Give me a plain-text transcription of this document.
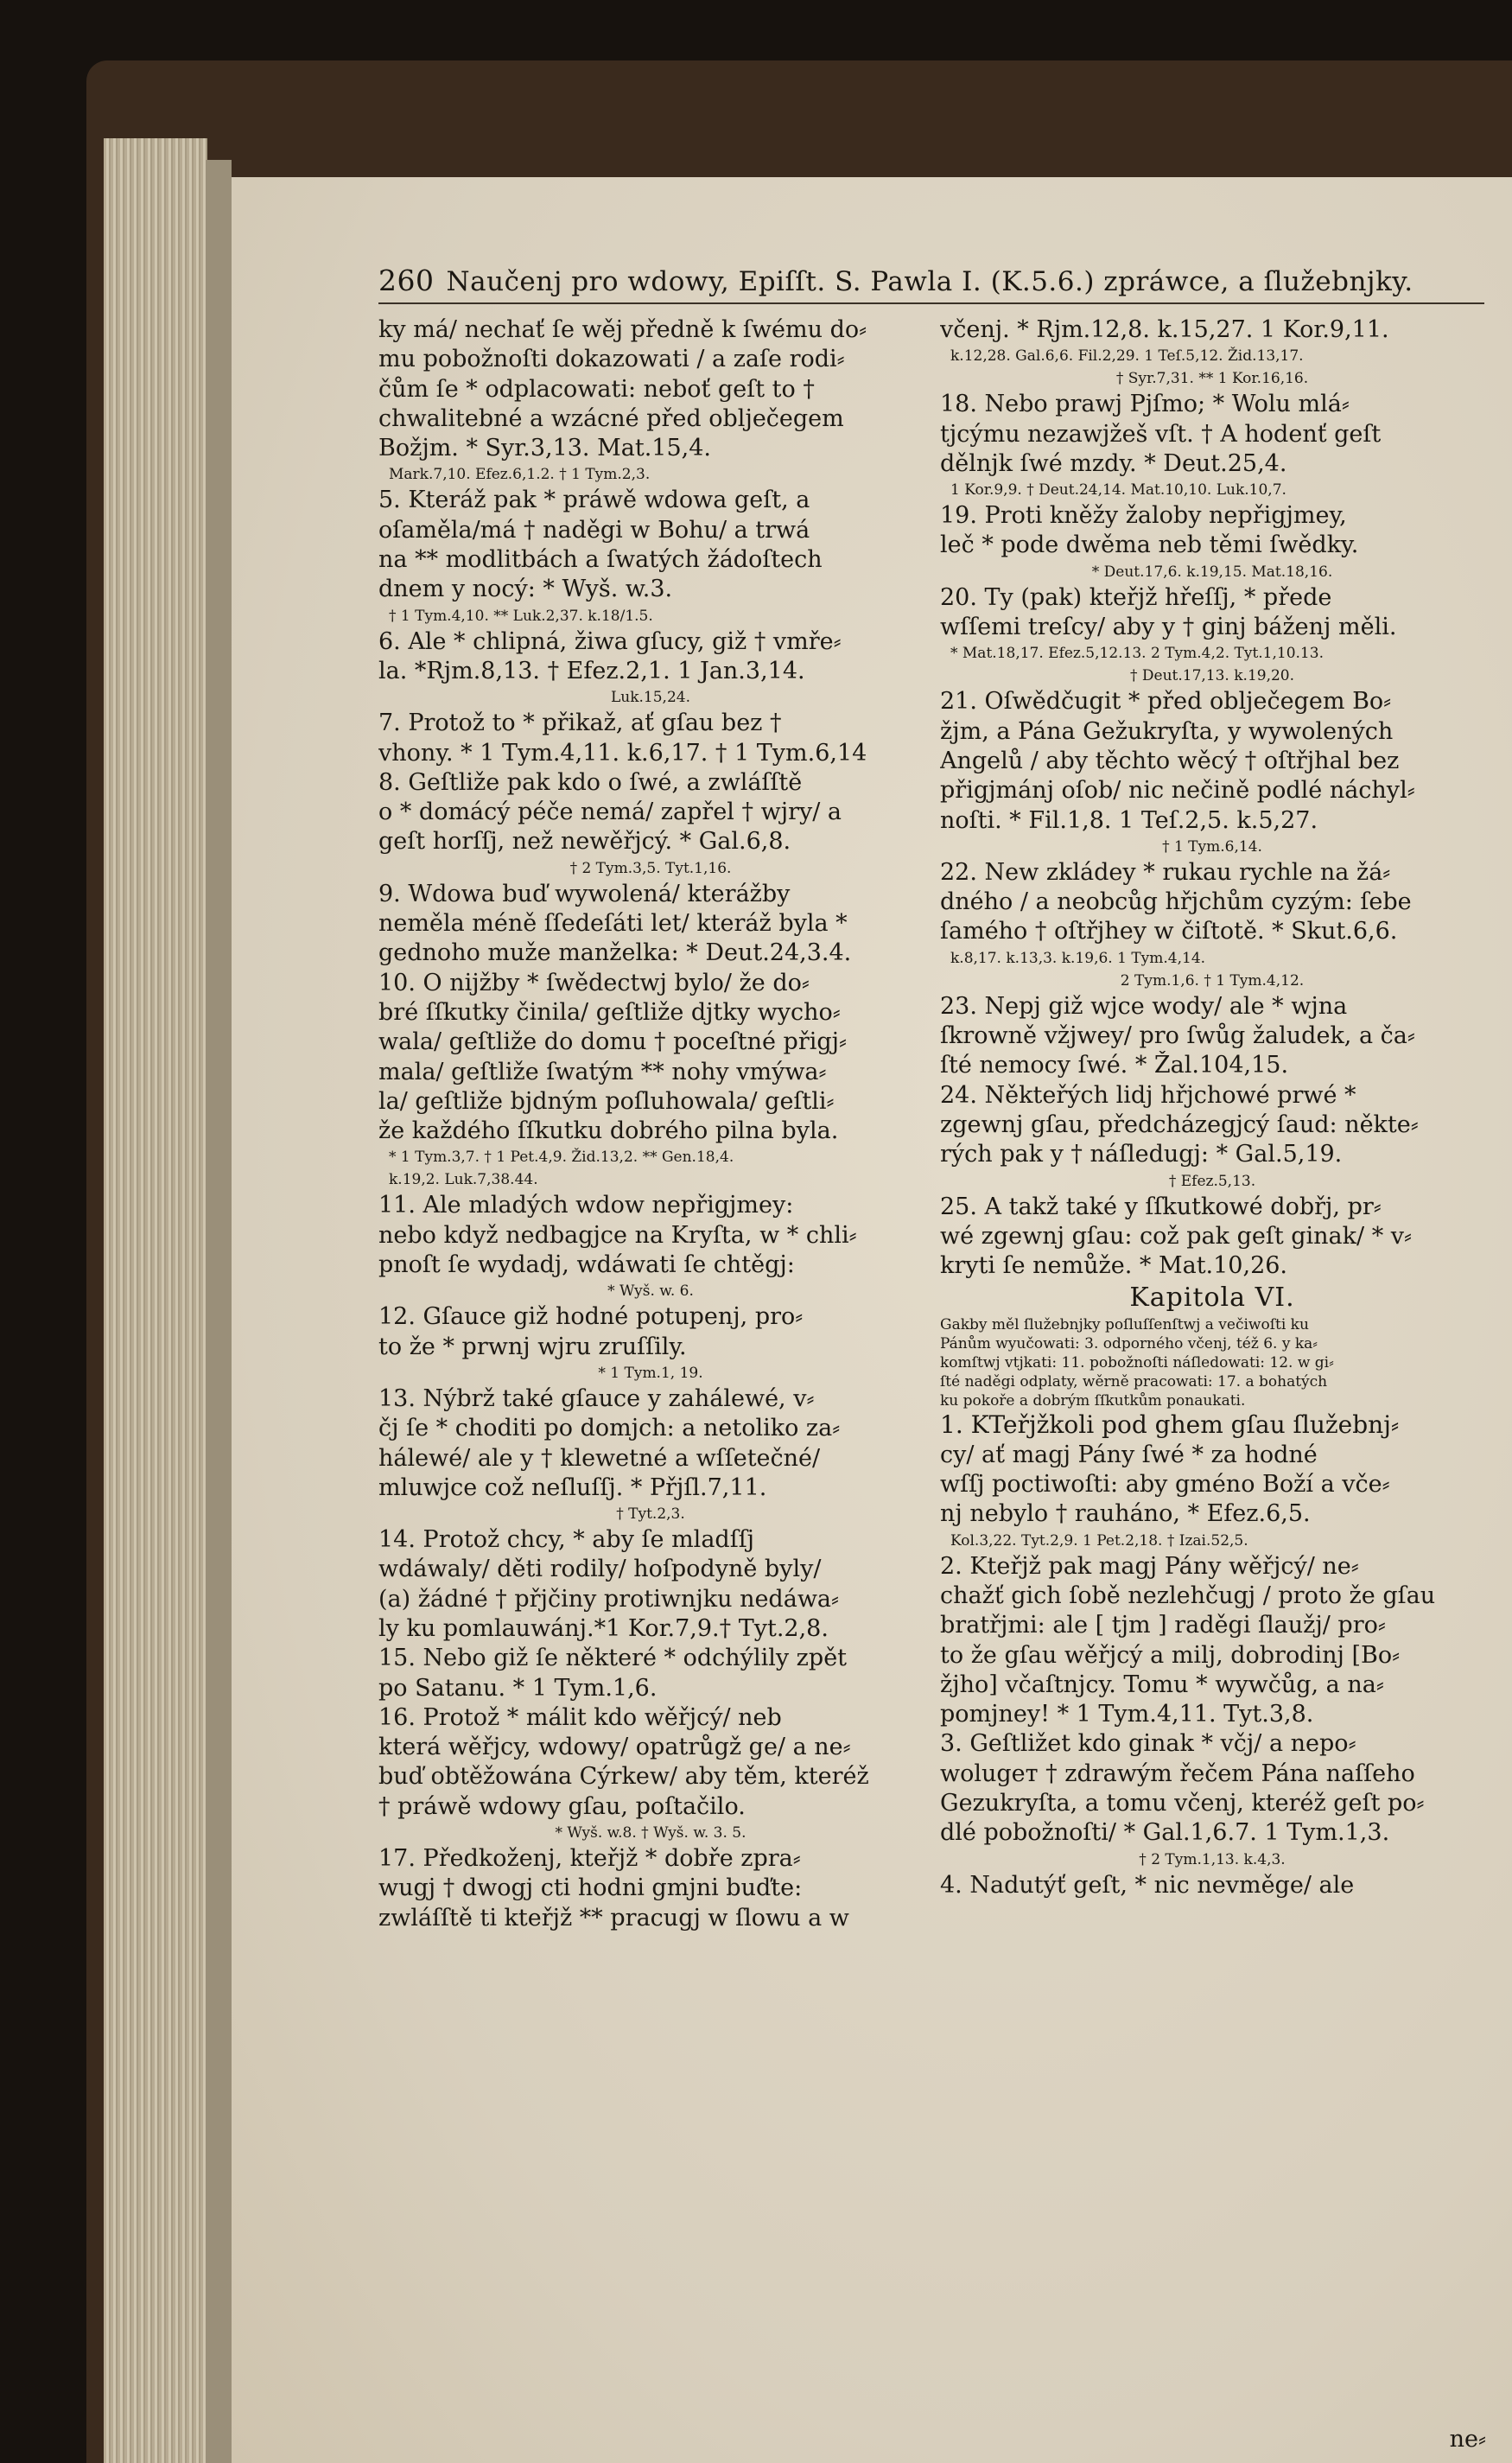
260 Naučenj pro wdowy, Epiſſt. S. Pawla I. (K.5.6.) zpráwce, a ſlužebnjky.
ky má/ nechať ſe wěj předně k ſwému do⸗
mu pobožnoſti dokazowati / a zaſe rodi⸗
čům ſe * odplacowati: neboť geſt to †
chwalitebné a wzácné před oblječegem
Božjm. * Syr.3,13. Mat.15,4.
Mark.7,10. Efez.6,1.2. † 1 Tym.2,3.
5. Kteráž pak * práwě wdowa geſt, a
oſaměla/má † naděgi w Bohu/ a trwá
na ** modlitbách a ſwatých žádoſtech
dnem y nocý: * Wyš. w.3.
† 1 Tym.4,10. ** Luk.2,37. k.18/1.5.
6. Ale * chlipná, žiwa gſucy, giž † vmře⸗
la. *Rjm.8,13. † Efez.2,1. 1 Jan.3,14.
Luk.15,24.
7. Protož to * přikaž, ať gſau bez †
vhony. * 1 Tym.4,11. k.6,17. † 1 Tym.6,14
8. Geſtliže pak kdo o ſwé, a zwláſſtě
o * domácý péče nemá/ zapřel † wjry/ a
geſt horſſj, než newěřjcý. * Gal.6,8.
† 2 Tym.3,5. Tyt.1,16.
9. Wdowa buď wywolená/ kterážby
neměla méně ſſedeſáti let/ kteráž byla *
gednoho muže manželka: * Deut.24,3.4.
10. O nijžby * ſwědectwj bylo/ že do⸗
bré ſſkutky činila/ geſtliže djtky wycho⸗
wala/ geſtliže do domu † poceſtné přigj⸗
mala/ geſtliže ſwatým ** nohy vmýwa⸗
la/ geſtliže bjdným poſluhowala/ geſtli⸗
že každého ſſkutku dobrého pilna byla.
* 1 Tym.3,7. † 1 Pet.4,9. Žid.13,2. ** Gen.18,4.
k.19,2. Luk.7,38.44.
11. Ale mladých wdow nepřigjmey:
nebo když nedbagjce na Kryſta, w * chli⸗
pnoſt ſe wydadj, wdáwati ſe chtěgj:
* Wyš. w. 6.
12. Gſauce giž hodné potupenj, pro⸗
to že * prwnj wjru zruſſily.
* 1 Tym.1, 19.
13. Nýbrž také gſauce y zahálewé, v⸗
čj ſe * choditi po domjch: a netoliko za⸗
hálewé/ ale y † klewetné a wſſetečné/
mluwjce což neſluſſj. * Přjſl.7,11.
† Tyt.2,3.
14. Protož chcy, * aby ſe mladſſj
wdáwaly/ děti rodily/ hoſpodyně byly/
(a) žádné † přjčiny protiwnjku nedáwa⸗
ly ku pomlauwánj.*1 Kor.7,9.† Tyt.2,8.
15. Nebo giž ſe některé * odchýlily zpět
po Satanu. * 1 Tym.1,6.
16. Protož * málit kdo wěřjcý/ neb
která wěřjcy, wdowy/ opatrůgž ge/ a ne⸗
buď obtěžowána Cýrkew/ aby těm, kteréž
† práwě wdowy gſau, poſtačilo.
* Wyš. w.8. † Wyš. w. 3. 5.
17. Předkoženj, kteřjž * dobře zpra⸗
wugj † dwogj cti hodni gmjni buďte:
zwláſſtě ti kteřjž ** pracugj w ſlowu a w
včenj. * Rjm.12,8. k.15,27. 1 Kor.9,11.
k.12,28. Gal.6,6. Fil.2,29. 1 Teſ.5,12. Žid.13,17.
† Syr.7,31. ** 1 Kor.16,16.
18. Nebo prawj Pjſmo; * Wolu mlá⸗
tjcýmu nezawjžeš vſt. † A hodenť geſt
dělnjk ſwé mzdy. * Deut.25,4.
1 Kor.9,9. † Deut.24,14. Mat.10,10. Luk.10,7.
19. Proti kněžy žaloby nepřigjmey,
leč * pode dwěma neb těmi ſwědky.
* Deut.17,6. k.19,15. Mat.18,16.
20. Ty (pak) kteřjž hřeſſj, * přede
wſſemi treſcy/ aby y † ginj báženj měli.
* Mat.18,17. Efez.5,12.13. 2 Tym.4,2. Tyt.1,10.13.
† Deut.17,13. k.19,20.
21. Oſwědčugit * před oblječegem Bo⸗
žjm, a Pána Gežukryſta, y wywolených
Angelů / aby těchto wěcý † oſtřjhal bez
přigjmánj oſob/ nic nečině podlé náchyl⸗
noſti. * Fil.1,8. 1 Teſ.2,5. k.5,27.
† 1 Tym.6,14.
22. New zkládey * rukau rychle na žá⸗
dného / a neobcůg hřjchům cyzým: ſebe
ſamého † oſtřjhey w čiſtotě. * Skut.6,6.
k.8,17. k.13,3. k.19,6. 1 Tym.4,14.
2 Tym.1,6. † 1 Tym.4,12.
23. Nepj giž wjce wody/ ale * wjna
ſkrowně vžjwey/ pro ſwůg žaludek, a ča⸗
ſté nemocy ſwé. * Žal.104,15.
24. Někteřých lidj hřjchowé prwé *
zgewnj gſau, předcházegjcý ſaud: někte⸗
rých pak y † náſledugj: * Gal.5,19.
† Efez.5,13.
25. A takž také y ſſkutkowé dobřj, pr⸗
wé zgewnj gſau: což pak geſt ginak/ * v⸗
kryti ſe nemůže. * Mat.10,26.
Kapitola VI.
Gakby měl ſlužebnjky poſluſſenſtwj a večiwoſti ku
Pánům wyučowati: 3. odporného včenj, též 6. y ka⸗
komſtwj vtjkati: 11. pobožnoſti náſledowati: 12. w gi⸗
ſté naděgi odplaty, wěrně pracowati: 17. a bohatých
ku pokoře a dobrým ſſkutkům ponaukati.
1. KTeřjžkoli pod ghem gſau ſlužebnj⸗
cy/ ať magj Pány ſwé * za hodné
wſſj poctiwoſti: aby gméno Boží a vče⸗
nj nebylo † rauháno, * Efez.6,5.
Kol.3,22. Tyt.2,9. 1 Pet.2,18. † Izai.52,5.
2. Kteřjž pak magj Pány wěřjcý/ ne⸗
chažť gich ſobě nezlehčugj / proto že gſau
bratřjmi: ale [ tjm ] raděgi ſlaužj/ pro⸗
to že gſau wěřjcý a milj, dobrodinj [Bo⸗
žjho] včaſtnjcy. Tomu * wywčůg, a na⸗
pomjney! * 1 Tym.4,11. Tyt.3,8.
3. Geſtližet kdo ginak * včj/ a nepo⸗
wolugeт † zdrawým řečem Pána naſſeho
Gezukryſta, a tomu včenj, kteréž geſt po⸗
dlé pobožnoſti/ * Gal.1,6.7. 1 Tym.1,3.
† 2 Tym.1,13. k.4,3.
4. Nadutýť geſt, * nic nevměge/ ale
ne⸗
